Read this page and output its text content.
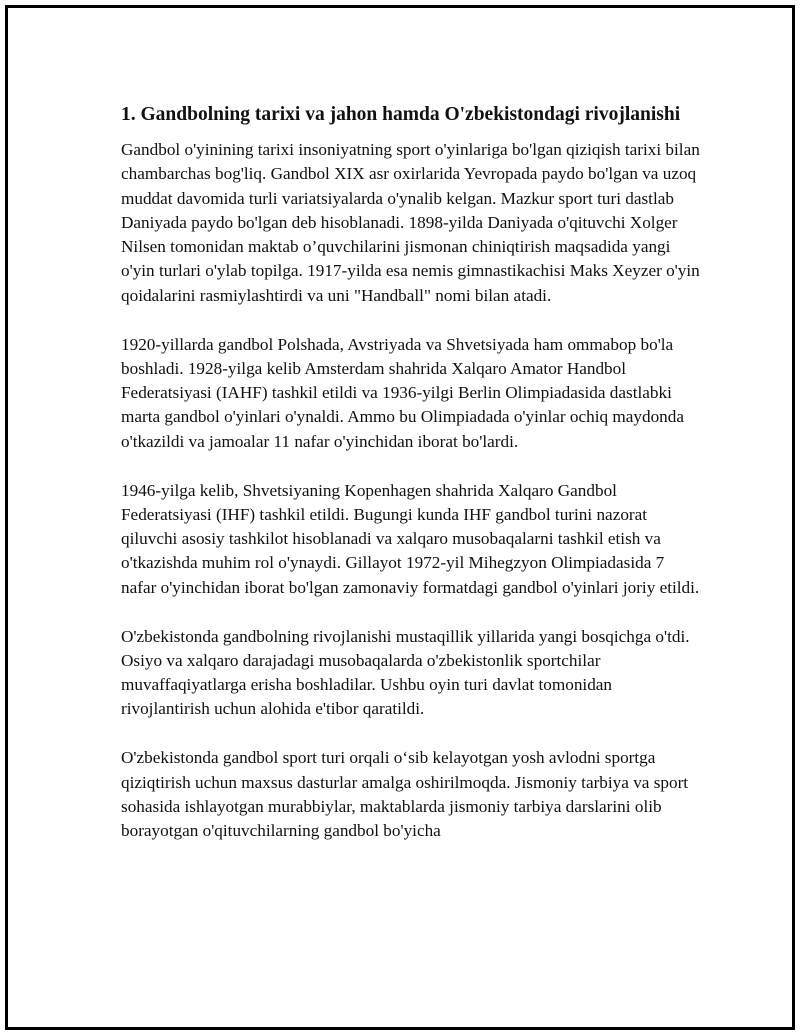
1. Gandbolning tarixi va jahon hamda O'zbekistondagi rivojlanishi

Gandbol o'yinining tarixi insoniyatning sport o'yinlariga bo'lgan qiziqish tarixi bilan chambarchas bog'liq. Gandbol XIX asr oxirlarida Yevropada paydo bo'lgan va uzoq muddat davomida turli variatsiyalarda o'ynalib kelgan. Mazkur sport turi dastlab Daniyada paydo bo'lgan deb hisoblanadi. 1898-yilda Daniyada o'qituvchi Xolger Nilsen tomonidan maktab o’quvchilarini jismonan chiniqtirish maqsadida yangi o'yin turlari o'ylab topilga. 1917-yilda esa nemis gimnastikachisi Maks Xeyzer o'yin qoidalarini rasmiylashtirdi va uni "Handball" nomi bilan atadi.

1920-yillarda gandbol Polshada, Avstriyada va Shvetsiyada ham ommabop bo'la boshladi. 1928-yilga kelib Amsterdam shahrida Xalqaro Amator Handbol Federatsiyasi (IAHF) tashkil etildi va 1936-yilgi Berlin Olimpiadasida dastlabki marta gandbol o'yinlari o'ynaldi. Ammo bu Olimpiadada o'yinlar ochiq maydonda o'tkazildi va jamoalar 11 nafar o'yinchidan iborat bo'lardi.

1946-yilga kelib, Shvetsiyaning Kopenhagen shahrida Xalqaro Gandbol Federatsiyasi (IHF) tashkil etildi. Bugungi kunda IHF gandbol turini nazorat qiluvchi asosiy tashkilot hisoblanadi va xalqaro musobaqalarni tashkil etish va o'tkazishda muhim rol o'ynaydi. Gillayot 1972-yil Mihegzyon Olimpiadasida 7 nafar o'yinchidan iborat bo'lgan zamonaviy formatdagi gandbol o'yinlari joriy etildi.

O'zbekistonda gandbolning rivojlanishi mustaqillik yillarida yangi bosqichga o'tdi. Osiyo va xalqaro darajadagi musobaqalarda o'zbekistonlik sportchilar muvaffaqiyatlarga erisha boshladilar. Ushbu oyin turi davlat tomonidan rivojlantirish uchun alohida e'tibor qaratildi.

O'zbekistonda gandbol sport turi orqali o‘sib kelayotgan yosh avlodni sportga qiziqtirish uchun maxsus dasturlar amalga oshirilmoqda. Jismoniy tarbiya va sport sohasida ishlayotgan murabbiylar, maktablarda jismoniy tarbiya darslarini olib borayotgan o'qituvchilarning gandbol bo'yicha
